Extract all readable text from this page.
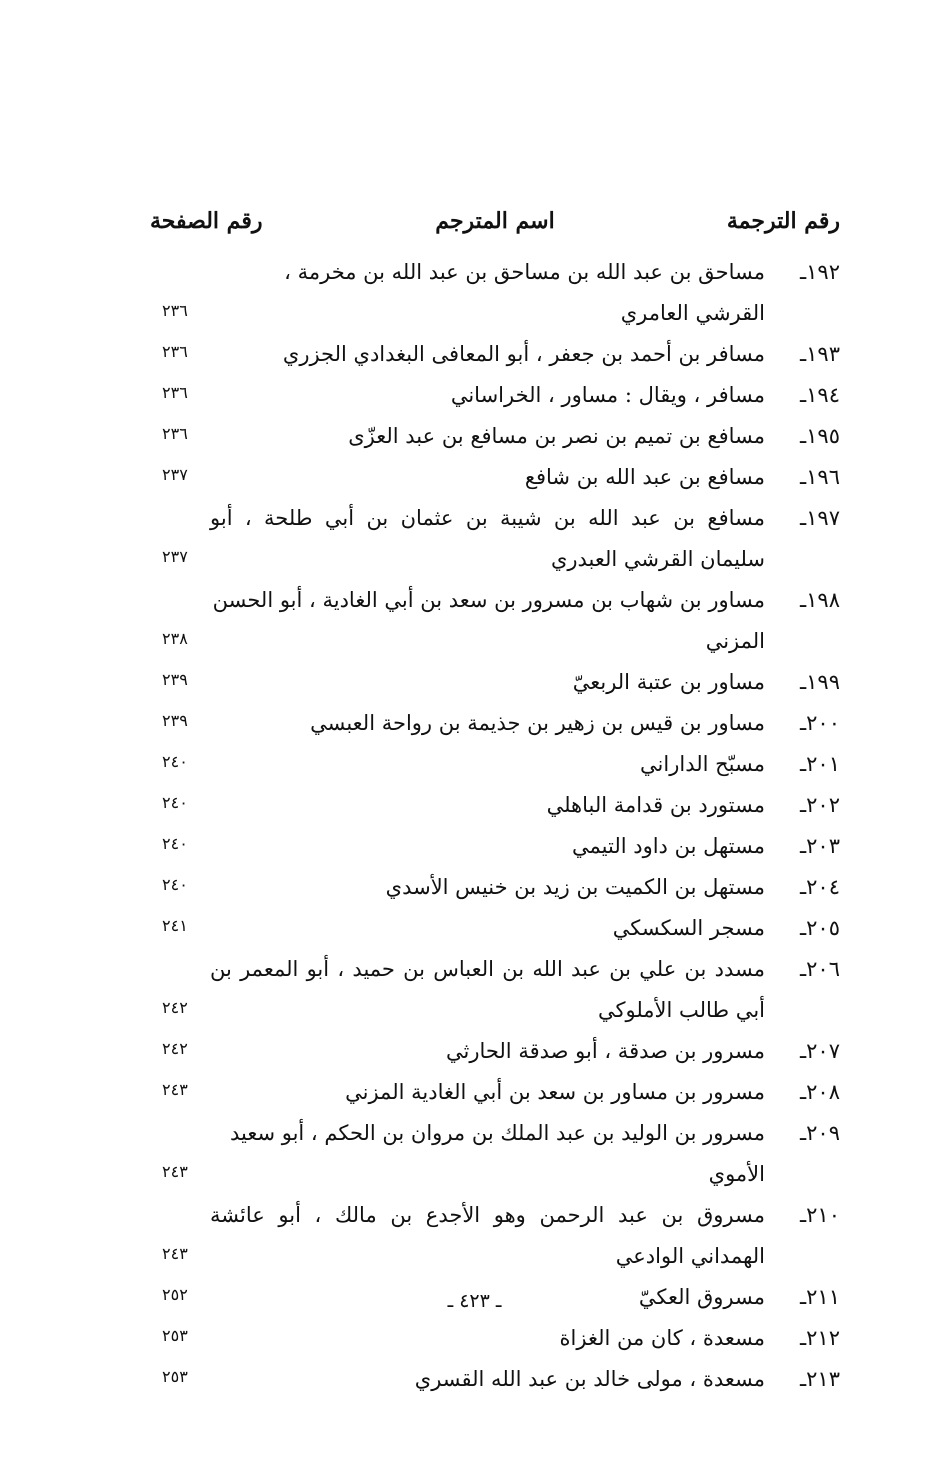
رقم الترجمة
اسم المترجم
رقم الصفحة
١٩٢ـ
مساحق بن عبد الله بن مساحق بن عبد الله بن مخرمة ، القرشي العامري
٢٣٦
١٩٣ـ
مسافر بن أحمد بن جعفر ، أبو المعافى البغدادي الجزري
٢٣٦
١٩٤ـ
مسافر ، ويقال : مساور ، الخراساني
٢٣٦
١٩٥ـ
مسافع بن تميم بن نصر بن مسافع بن عبد العزّى
٢٣٦
١٩٦ـ
مسافع بن عبد الله بن شافع
٢٣٧
١٩٧ـ
مسافع بن عبد الله بن شيبة بن عثمان بن أبي طلحة ، أبو سليمان القرشي العبدري
٢٣٧
١٩٨ـ
مساور بن شهاب بن مسرور بن سعد بن أبي الغادية ، أبو الحسن المزني
٢٣٨
١٩٩ـ
مساور بن عتبة الربعيّ
٢٣٩
٢٠٠ـ
مساور بن قيس بن زهير بن جذيمة بن رواحة العبسي
٢٣٩
٢٠١ـ
مسبّح الداراني
٢٤٠
٢٠٢ـ
مستورد بن قدامة الباهلي
٢٤٠
٢٠٣ـ
مستهل بن داود التيمي
٢٤٠
٢٠٤ـ
مستهل بن الكميت بن زيد بن خنيس الأسدي
٢٤٠
٢٠٥ـ
مسجر السكسكي
٢٤١
٢٠٦ـ
مسدد بن علي بن عبد الله بن العباس بن حميد ، أبو المعمر بن أبي طالب الأملوكي
٢٤٢
٢٠٧ـ
مسرور بن صدقة ، أبو صدقة الحارثي
٢٤٢
٢٠٨ـ
مسرور بن مساور بن سعد بن أبي الغادية المزني
٢٤٣
٢٠٩ـ
مسرور بن الوليد بن عبد الملك بن مروان بن الحكم ، أبو سعيد الأموي
٢٤٣
٢١٠ـ
مسروق بن عبد الرحمن وهو الأجدع بن مالك ، أبو عائشة الهمداني الوادعي
٢٤٣
٢١١ـ
مسروق العكيّ
٢٥٢
٢١٢ـ
مسعدة ، كان من الغزاة
٢٥٣
٢١٣ـ
مسعدة ، مولى خالد بن عبد الله القسري
٢٥٣
ـ ٤٢٣ ـ
